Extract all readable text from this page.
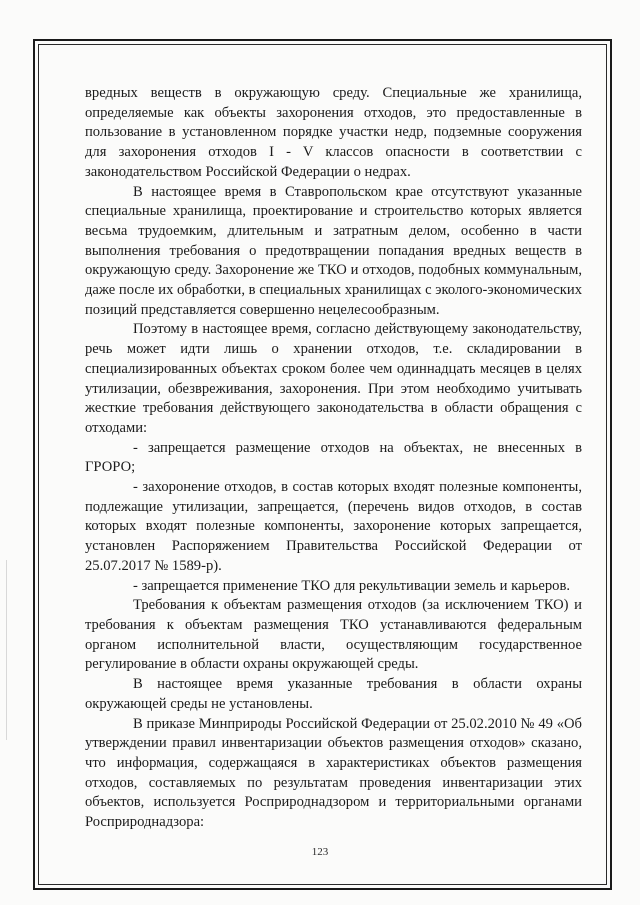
вредных веществ в окружающую среду. Специальные же хранилища, определяемые как объекты захоронения отходов, это предоставленные в пользование в установленном порядке участки недр, подземные сооружения для захоронения отходов I - V классов опасности в соответствии с законодательством Российской Федерации о недрах.

В настоящее время в Ставропольском крае отсутствуют указанные специальные хранилища, проектирование и строительство которых является весьма трудоемким, длительным и затратным делом, особенно в части выполнения требования о предотвращении попадания вредных веществ в окружающую среду. Захоронение же ТКО и отходов, подобных коммунальным, даже после их обработки, в специальных хранилищах с эколого-экономических позиций представляется совершенно нецелесообразным.

Поэтому в настоящее время, согласно действующему законодательству, речь может идти лишь о хранении отходов, т.е. складировании в специализированных объектах сроком более чем одиннадцать месяцев в целях утилизации, обезвреживания, захоронения. При этом необходимо учитывать жесткие требования действующего законодательства в области обращения с отходами:

- запрещается размещение отходов на объектах, не внесенных в ГРОРО;

- захоронение отходов, в состав которых входят полезные компоненты, подлежащие утилизации, запрещается, (перечень видов отходов, в состав которых входят полезные компоненты, захоронение которых запрещается, установлен Распоряжением Правительства Российской Федерации от 25.07.2017 № 1589-р).

- запрещается применение ТКО для рекультивации земель и карьеров.

Требования к объектам размещения отходов (за исключением ТКО) и требования к объектам размещения ТКО устанавливаются федеральным органом исполнительной власти, осуществляющим государственное регулирование в области охраны окружающей среды.

В настоящее время указанные требования в области охраны окружающей среды не установлены.

В приказе Минприроды Российской Федерации от 25.02.2010 № 49 «Об утверждении правил инвентаризации объектов размещения отходов» сказано, что информация, содержащаяся в характеристиках объектов размещения отходов, составляемых по результатам проведения инвентаризации этих объектов, используется Росприроднадзором и территориальными органами Росприроднадзора:

123
